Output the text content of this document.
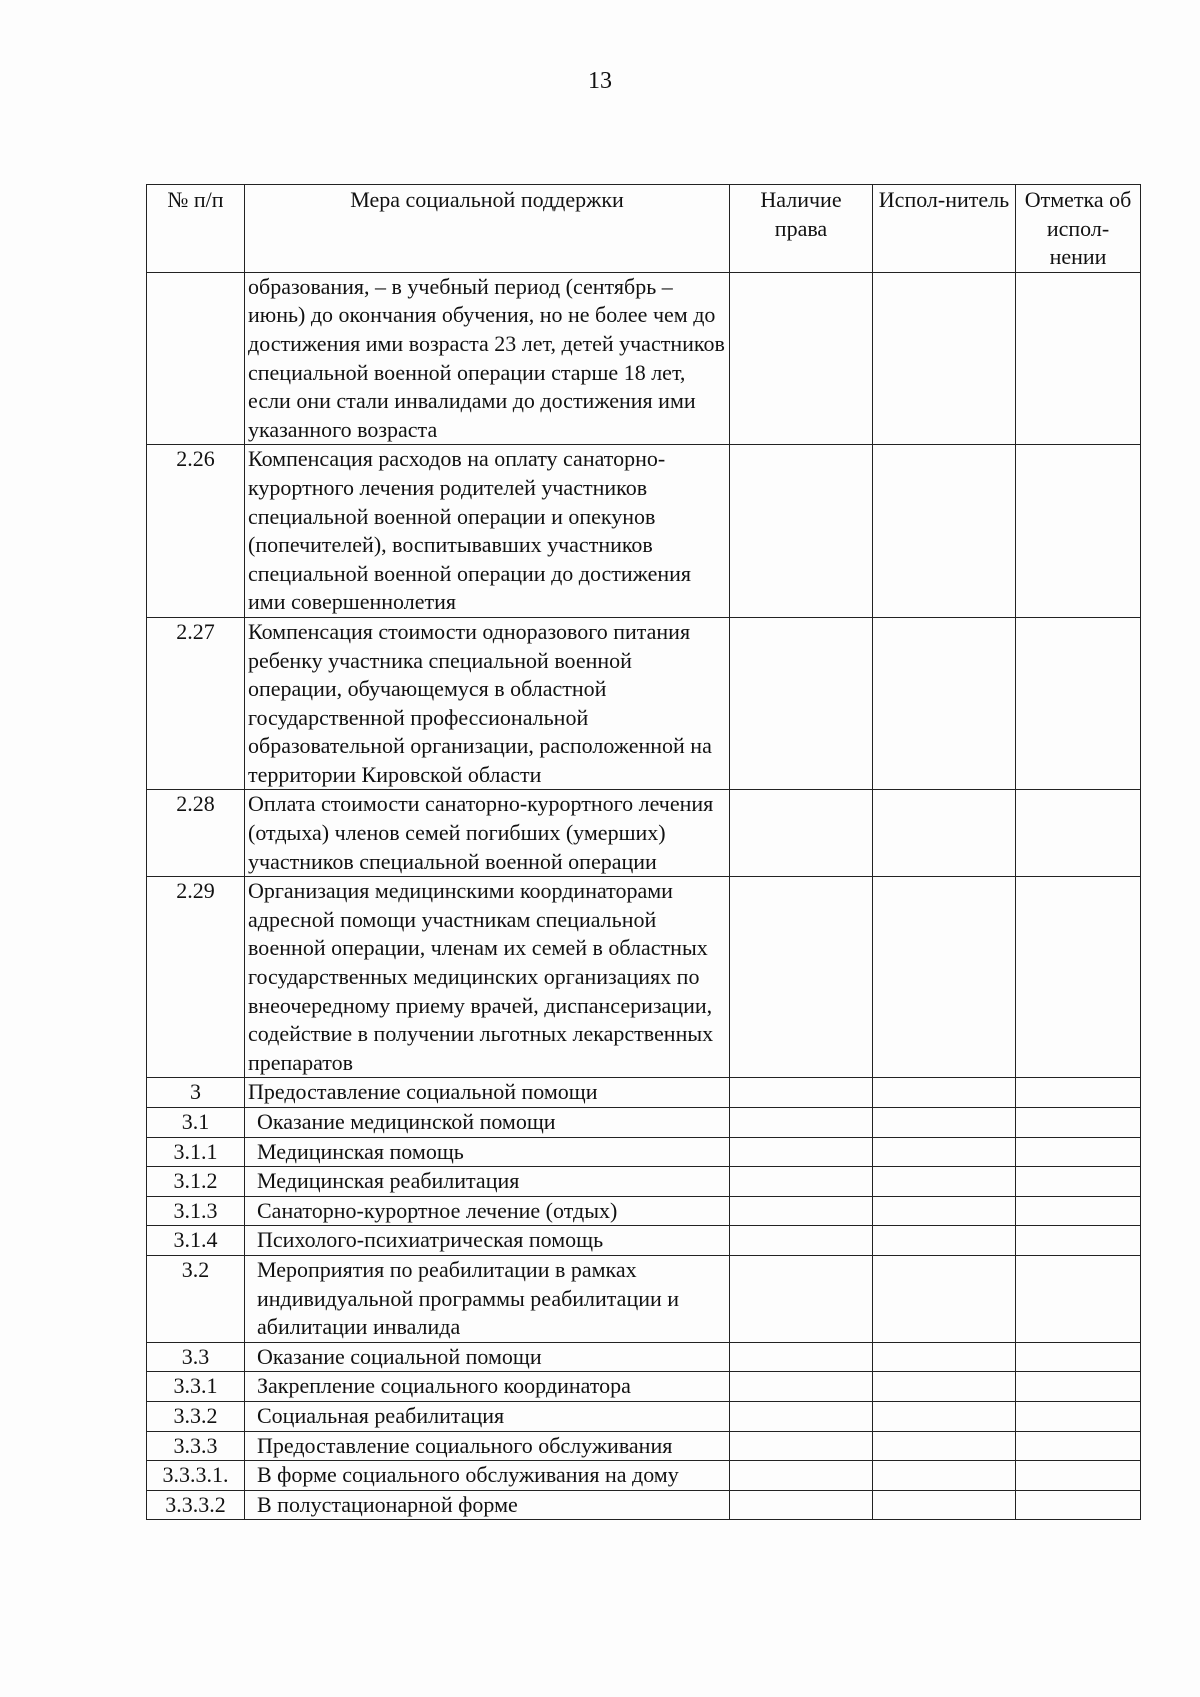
13
№ п/п	Мера социальной поддержки	Наличие права	Испол-нитель	Отметка об испол-нении
	образования, – в учебный период (сентябрь – июнь) до окончания обучения, но не более чем до достижения ими возраста 23 лет, детей участников специальной военной операции старше 18 лет, если они стали инвалидами до достижения ими указанного возраста			
2.26	Компенсация расходов на оплату санаторно-курортного лечения родителей участников специальной военной операции и опекунов (попечителей), воспитывавших участников специальной военной операции до достижения ими совершеннолетия			
2.27	Компенсация стоимости одноразового питания ребенку участника специальной военной операции, обучающемуся в областной государственной профессиональной образовательной организации, расположенной на территории Кировской области			
2.28	Оплата стоимости санаторно-курортного лечения (отдыха) членов семей погибших (умерших) участников специальной военной операции			
2.29	Организация медицинскими координаторами адресной помощи участникам специальной военной операции, членам их семей в областных государственных медицинских организациях по внеочередному приему врачей, диспансеризации, содействие в получении льготных лекарственных препаратов			
3	Предоставление социальной помощи			
3.1	Оказание медицинской помощи			
3.1.1	Медицинская помощь			
3.1.2	Медицинская реабилитация			
3.1.3	Санаторно-курортное лечение (отдых)			
3.1.4	Психолого-психиатрическая помощь			
3.2	Мероприятия по реабилитации в рамках индивидуальной программы реабилитации и абилитации инвалида			
3.3	Оказание социальной помощи			
3.3.1	Закрепление социального координатора			
3.3.2	Социальная реабилитация			
3.3.3	Предоставление социального обслуживания			
3.3.3.1.	В форме социального обслуживания на дому			
3.3.3.2	В полустационарной форме			
